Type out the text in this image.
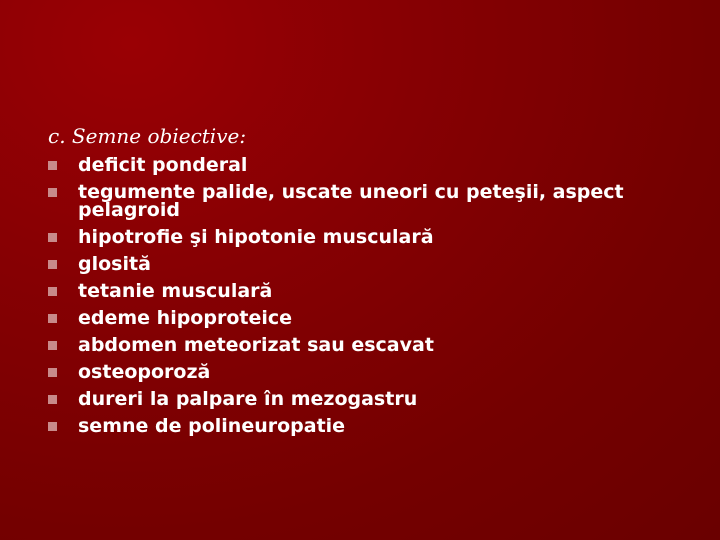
c. Semne obiective:
deficit ponderal
tegumente palide, uscate uneori cu peteşii, aspect pelagroid
hipotrofie şi hipotonie musculară
glosită
tetanie musculară
edeme hipoproteice
abdomen meteorizat sau escavat
osteoporoză
dureri la palpare în mezogastru
semne de polineuropatie
